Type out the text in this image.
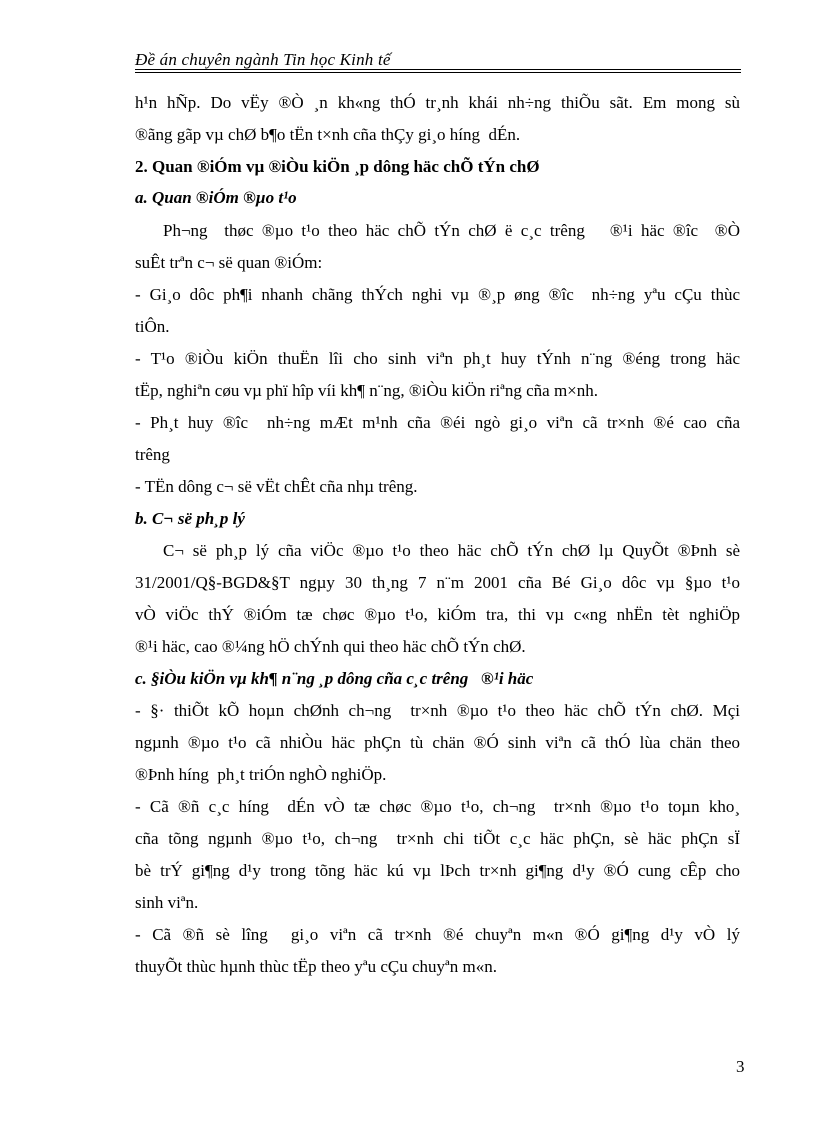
Đề án chuyên ngành Tin học Kinh tế
h¹n hÑp. Do vËy ®Ò ¸n kh«ng thÓ tr¸nh khái nh÷ng thiÕu sãt. Em mong sù
®ãng gãp vµ chØ b¶o tËn t×nh cña thÇy gi¸o híng  dÉn.
2. Quan ®iÓm vµ ®iÒu kiÖn ¸p dông häc chÕ tÝn chØ
a. Quan ®iÓm ®µo t¹o
Ph¬ng  thøc ®µo t¹o theo häc chÕ tÝn chØ ë c¸c trêng   ®¹i häc ®îc  ®Ò
suÊt trªn c¬ së quan ®iÓm:
- Gi¸o dôc ph¶i nhanh chãng thÝch nghi vµ ®¸p øng ®îc  nh÷ng yªu cÇu thùc
tiÔn.
- T¹o ®iÒu kiÖn thuËn lîi cho sinh viªn ph¸t huy tÝnh n¨ng ®éng trong häc
tËp, nghiªn cøu vµ phï hîp víi kh¶ n¨ng, ®iÒu kiÖn riªng cña m×nh.
- Ph¸t huy ®îc  nh÷ng mÆt m¹nh cña ®éi ngò gi¸o viªn cã tr×nh ®é cao cña
trêng
- TËn dông c¬ së vËt chÊt cña nhµ trêng.
b. C¬ së ph¸p lý
C¬ së ph¸p lý cña viÖc ®µo t¹o theo häc chÕ tÝn chØ lµ QuyÕt ®Þnh sè
31/2001/Q§-BGD&§T ngµy 30 th¸ng 7 n¨m 2001 cña Bé Gi¸o dôc vµ §µo t¹o
vÒ viÖc thÝ ®iÓm tæ chøc ®µo t¹o, kiÓm tra, thi vµ c«ng nhËn tèt nghiÖp
®¹i häc, cao ®¼ng hÖ chÝnh qui theo häc chÕ tÝn chØ.
c. §iÒu kiÖn vµ kh¶ n¨ng ¸p dông cña c¸c trêng   ®¹i häc
- §· thiÕt kÕ hoµn chØnh ch¬ng  tr×nh ®µo t¹o theo häc chÕ tÝn chØ. Mçi
ngµnh ®µo t¹o cã nhiÒu häc phÇn tù chän ®Ó sinh viªn cã thÓ lùa chän theo
®Þnh híng  ph¸t triÓn nghÒ nghiÖp.
- Cã ®ñ c¸c híng  dÉn vÒ tæ chøc ®µo t¹o, ch¬ng  tr×nh ®µo t¹o toµn kho¸
cña tõng ngµnh ®µo t¹o, ch¬ng  tr×nh chi tiÕt c¸c häc phÇn, sè häc phÇn sÏ
bè trÝ gi¶ng d¹y trong tõng häc kú vµ lÞch tr×nh gi¶ng d¹y ®Ó cung cÊp cho
sinh viªn.
- Cã ®ñ sè lîng  gi¸o viªn cã tr×nh ®é chuyªn m«n ®Ó gi¶ng d¹y vÒ lý
thuyÕt thùc hµnh thùc tËp theo yªu cÇu chuyªn m«n.
3
